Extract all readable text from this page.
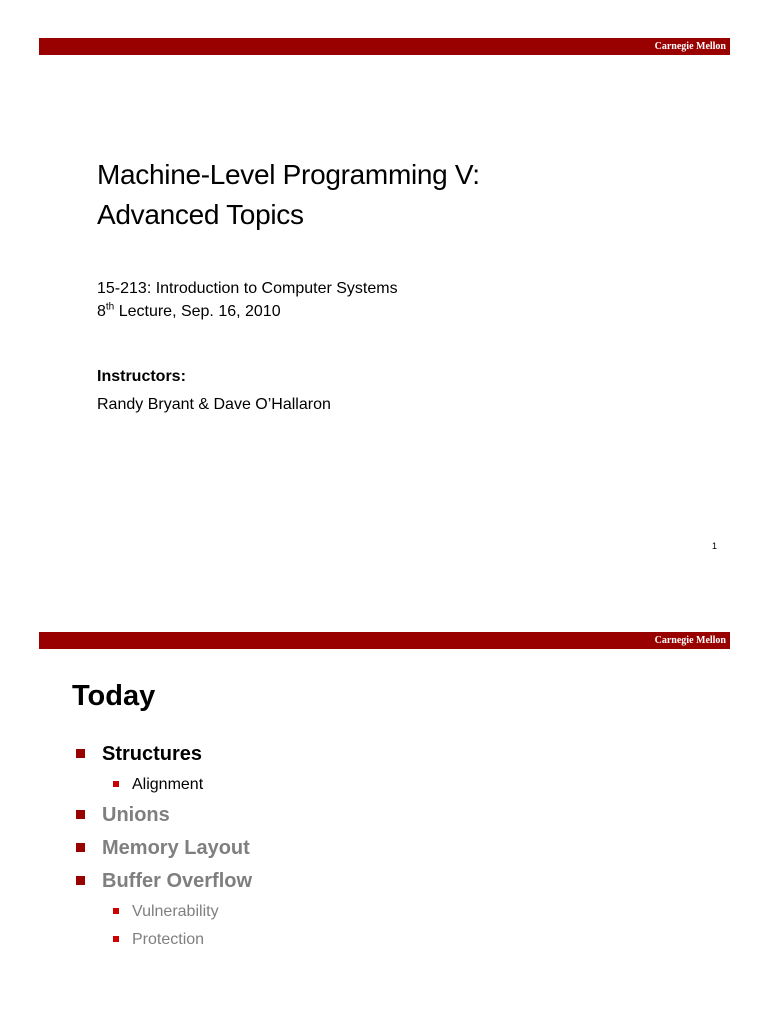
Carnegie Mellon
Machine-Level Programming V:
Advanced Topics
15-213: Introduction to Computer Systems
8th Lecture, Sep. 16, 2010
Instructors:
Randy Bryant & Dave O’Hallaron
1
Carnegie Mellon
Today
Structures
Alignment
Unions
Memory Layout
Buffer Overflow
Vulnerability
Protection
